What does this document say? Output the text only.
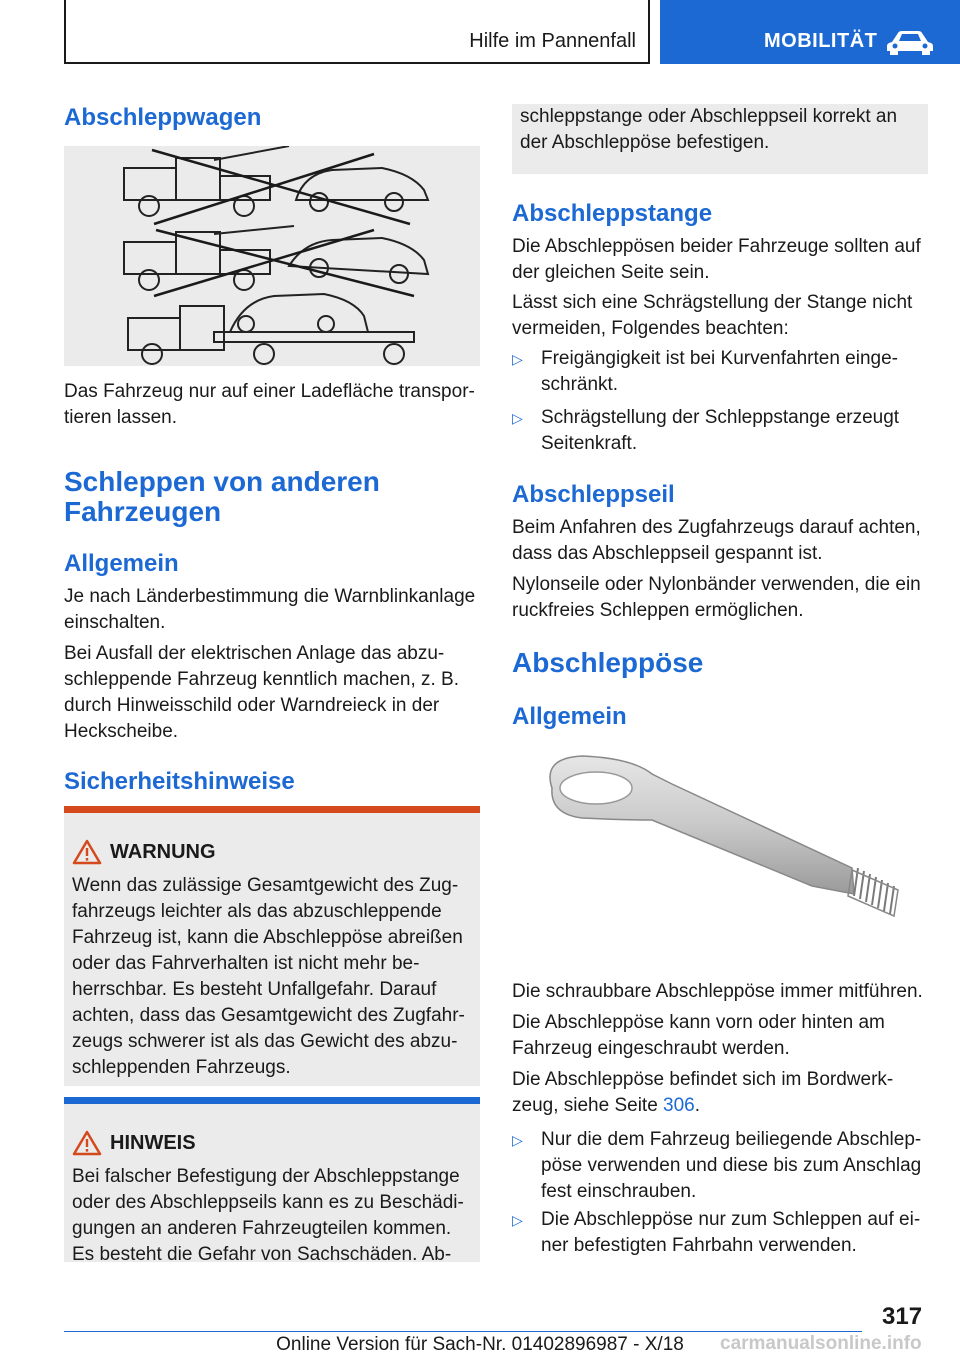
Hilfe im Pannenfall	MOBILITÄT
Abschleppwagen
Das Fahrzeug nur auf einer Ladefläche transpor-tieren lassen.
Schleppen von anderen
Fahrzeugen
Allgemein
Je nach Länderbestimmung die Warnblinkanlage einschalten.
Bei Ausfall der elektrischen Anlage das abzu-schleppende Fahrzeug kenntlich machen, z. B. durch Hinweisschild oder Warndreieck in der Heckscheibe.
Sicherheitshinweise
WARNUNG
Wenn das zulässige Gesamtgewicht des Zug-fahrzeugs leichter als das abzuschleppende Fahrzeug ist, kann die Abschleppöse abreißen oder das Fahrverhalten ist nicht mehr be-herrschbar. Es besteht Unfallgefahr. Darauf achten, dass das Gesamtgewicht des Zugfahr-zeugs schwerer ist als das Gewicht des abzu-schleppenden Fahrzeugs.
HINWEIS
Bei falscher Befestigung der Abschleppstange oder des Abschleppseils kann es zu Beschädi-gungen an anderen Fahrzeugteilen kommen. Es besteht die Gefahr von Sachschäden. Ab-
schleppstange oder Abschleppseil korrekt an der Abschleppöse befestigen.
Abschleppstange
Die Abschleppösen beider Fahrzeuge sollten auf der gleichen Seite sein.
Lässt sich eine Schrägstellung der Stange nicht vermeiden, Folgendes beachten:
▷ Freigängigkeit ist bei Kurvenfahrten einge-schränkt.
▷ Schrägstellung der Schleppstange erzeugt Seitenkraft.
Abschleppseil
Beim Anfahren des Zugfahrzeugs darauf achten, dass das Abschleppseil gespannt ist.
Nylonseile oder Nylonbänder verwenden, die ein ruckfreies Schleppen ermöglichen.
Abschleppöse
Allgemein
Die schraubbare Abschleppöse immer mitführen.
Die Abschleppöse kann vorn oder hinten am Fahrzeug eingeschraubt werden.
Die Abschleppöse befindet sich im Bordwerk-zeug, siehe Seite 306.
▷ Nur die dem Fahrzeug beiliegende Abschlep-pöse verwenden und diese bis zum Anschlag fest einschrauben.
▷ Die Abschleppöse nur zum Schleppen auf ei-ner befestigten Fahrbahn verwenden.
317
Online Version für Sach-Nr. 01402896987 - X/18	carmanualsonline.info
